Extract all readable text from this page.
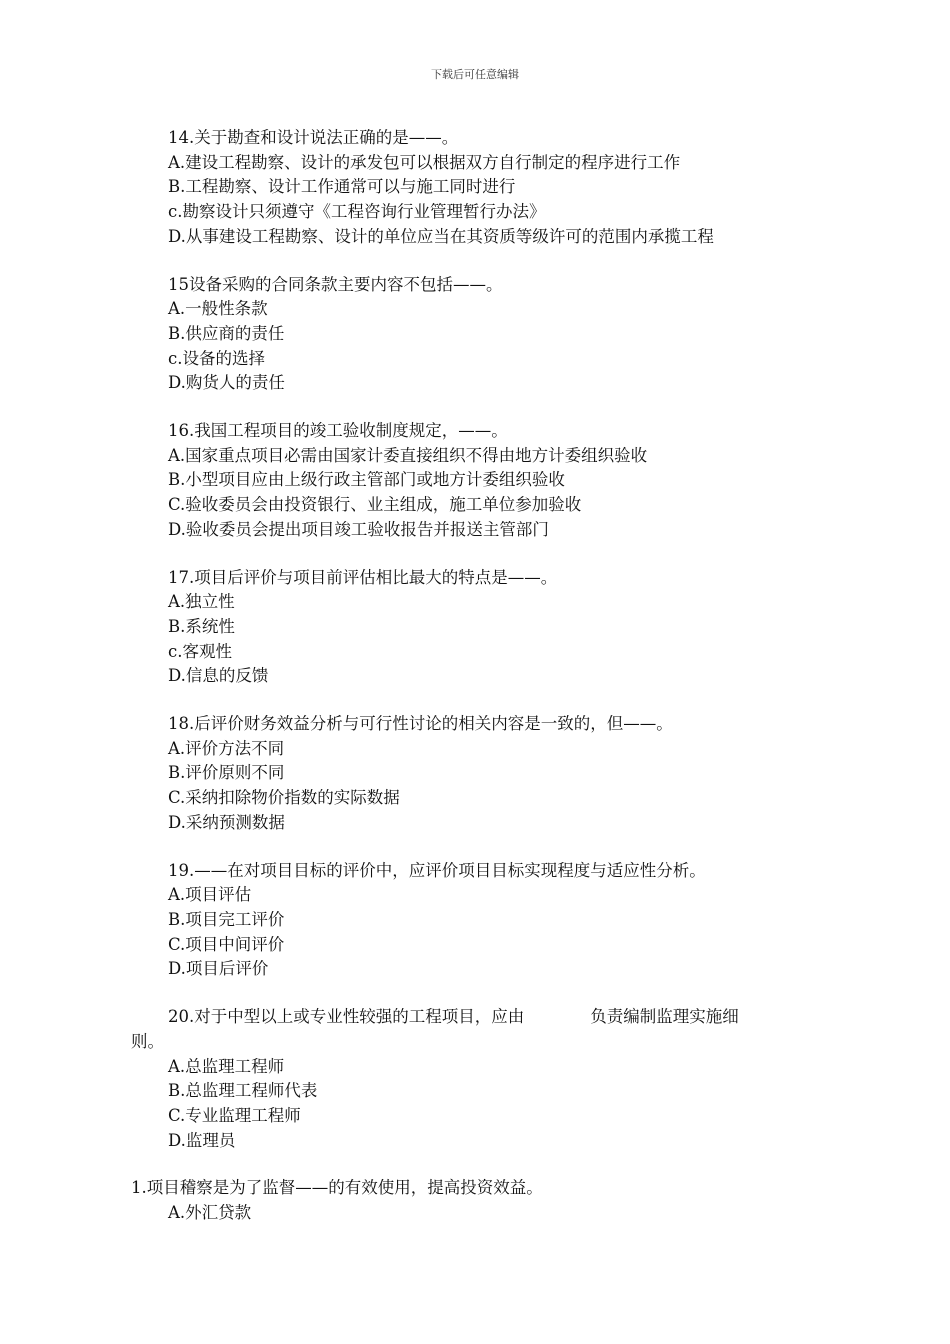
下载后可任意编辑
14.关于勘查和设计说法正确的是——。
A.建设工程勘察、设计的承发包可以根据双方自行制定的程序进行工作
B.工程勘察、设计工作通常可以与施工同时进行
c.勘察设计只须遵守《工程咨询行业管理暂行办法》
D.从事建设工程勘察、设计的单位应当在其资质等级许可的范围内承揽工程
15设备采购的合同条款主要内容不包括——。
A.一般性条款
B.供应商的责任
c.设备的选择
D.购货人的责任
16.我国工程项目的竣工验收制度规定，——。
A.国家重点项目必需由国家计委直接组织不得由地方计委组织验收
B.小型项目应由上级行政主管部门或地方计委组织验收
C.验收委员会由投资银行、业主组成，施工单位参加验收
D.验收委员会提出项目竣工验收报告并报送主管部门
17.项目后评价与项目前评估相比最大的特点是——。
A.独立性
B.系统性
c.客观性
D.信息的反馈
18.后评价财务效益分析与可行性讨论的相关内容是一致的，但——。
A.评价方法不同
B.评价原则不同
C.采纳扣除物价指数的实际数据
D.采纳预测数据
19.——在对项目目标的评价中，应评价项目目标实现程度与适应性分析。
A.项目评估
B.项目完工评价
C.项目中间评价
D.项目后评价
20.对于中型以上或专业性较强的工程项目，应由	负责编制监理实施细
则。
A.总监理工程师
B.总监理工程师代表
C.专业监理工程师
D.监理员
1.项目稽察是为了监督——的有效使用，提高投资效益。
A.外汇贷款
